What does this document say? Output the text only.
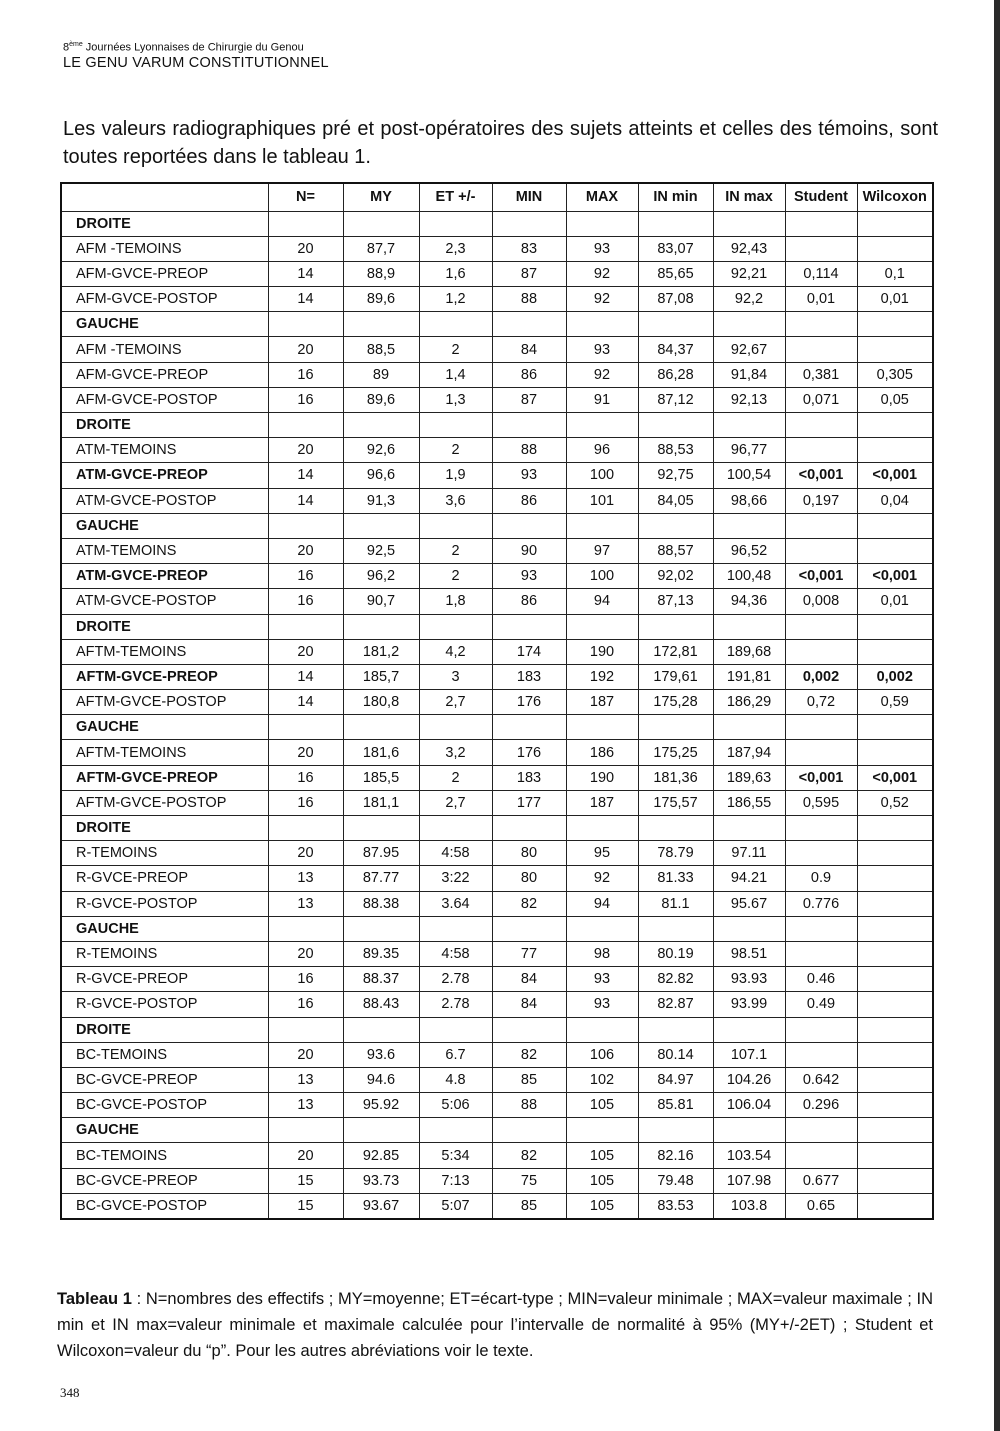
8ème Journées Lyonnaises de Chirurgie du Genou
LE GENU VARUM CONSTITUTIONNEL

Les valeurs radiographiques pré et post-opératoires des sujets atteints et celles des témoins, sont toutes reportées dans le tableau 1.

	N=	MY	ET +/-	MIN	MAX	IN min	IN max	Student	Wilcoxon
DROITE									
AFM -TEMOINS	20	87,7	2,3	83	93	83,07	92,43		
AFM-GVCE-PREOP	14	88,9	1,6	87	92	85,65	92,21	0,114	0,1
AFM-GVCE-POSTOP	14	89,6	1,2	88	92	87,08	92,2	0,01	0,01
GAUCHE									
AFM -TEMOINS	20	88,5	2	84	93	84,37	92,67		
AFM-GVCE-PREOP	16	89	1,4	86	92	86,28	91,84	0,381	0,305
AFM-GVCE-POSTOP	16	89,6	1,3	87	91	87,12	92,13	0,071	0,05
DROITE									
ATM-TEMOINS	20	92,6	2	88	96	88,53	96,77		
ATM-GVCE-PREOP	14	96,6	1,9	93	100	92,75	100,54	<0,001	<0,001
ATM-GVCE-POSTOP	14	91,3	3,6	86	101	84,05	98,66	0,197	0,04
GAUCHE									
ATM-TEMOINS	20	92,5	2	90	97	88,57	96,52		
ATM-GVCE-PREOP	16	96,2	2	93	100	92,02	100,48	<0,001	<0,001
ATM-GVCE-POSTOP	16	90,7	1,8	86	94	87,13	94,36	0,008	0,01
DROITE									
AFTM-TEMOINS	20	181,2	4,2	174	190	172,81	189,68		
AFTM-GVCE-PREOP	14	185,7	3	183	192	179,61	191,81	0,002	0,002
AFTM-GVCE-POSTOP	14	180,8	2,7	176	187	175,28	186,29	0,72	0,59
GAUCHE									
AFTM-TEMOINS	20	181,6	3,2	176	186	175,25	187,94		
AFTM-GVCE-PREOP	16	185,5	2	183	190	181,36	189,63	<0,001	<0,001
AFTM-GVCE-POSTOP	16	181,1	2,7	177	187	175,57	186,55	0,595	0,52
DROITE									
R-TEMOINS	20	87.95	4:58	80	95	78.79	97.11		
R-GVCE-PREOP	13	87.77	3:22	80	92	81.33	94.21	0.9	
R-GVCE-POSTOP	13	88.38	3.64	82	94	81.1	95.67	0.776	
GAUCHE									
R-TEMOINS	20	89.35	4:58	77	98	80.19	98.51		
R-GVCE-PREOP	16	88.37	2.78	84	93	82.82	93.93	0.46	
R-GVCE-POSTOP	16	88.43	2.78	84	93	82.87	93.99	0.49	
DROITE									
BC-TEMOINS	20	93.6	6.7	82	106	80.14	107.1		
BC-GVCE-PREOP	13	94.6	4.8	85	102	84.97	104.26	0.642	
BC-GVCE-POSTOP	13	95.92	5:06	88	105	85.81	106.04	0.296	
GAUCHE									
BC-TEMOINS	20	92.85	5:34	82	105	82.16	103.54		
BC-GVCE-PREOP	15	93.73	7:13	75	105	79.48	107.98	0.677	
BC-GVCE-POSTOP	15	93.67	5:07	85	105	83.53	103.8	0.65	

Tableau 1 : N=nombres des effectifs ; MY=moyenne; ET=écart-type ; MIN=valeur minimale ; MAX=valeur maximale ; IN min et IN max=valeur minimale et maximale calculée pour l’intervalle de normalité à 95% (MY+/-2ET) ; Student et Wilcoxon=valeur du “p”. Pour les autres abréviations voir le texte.

348
